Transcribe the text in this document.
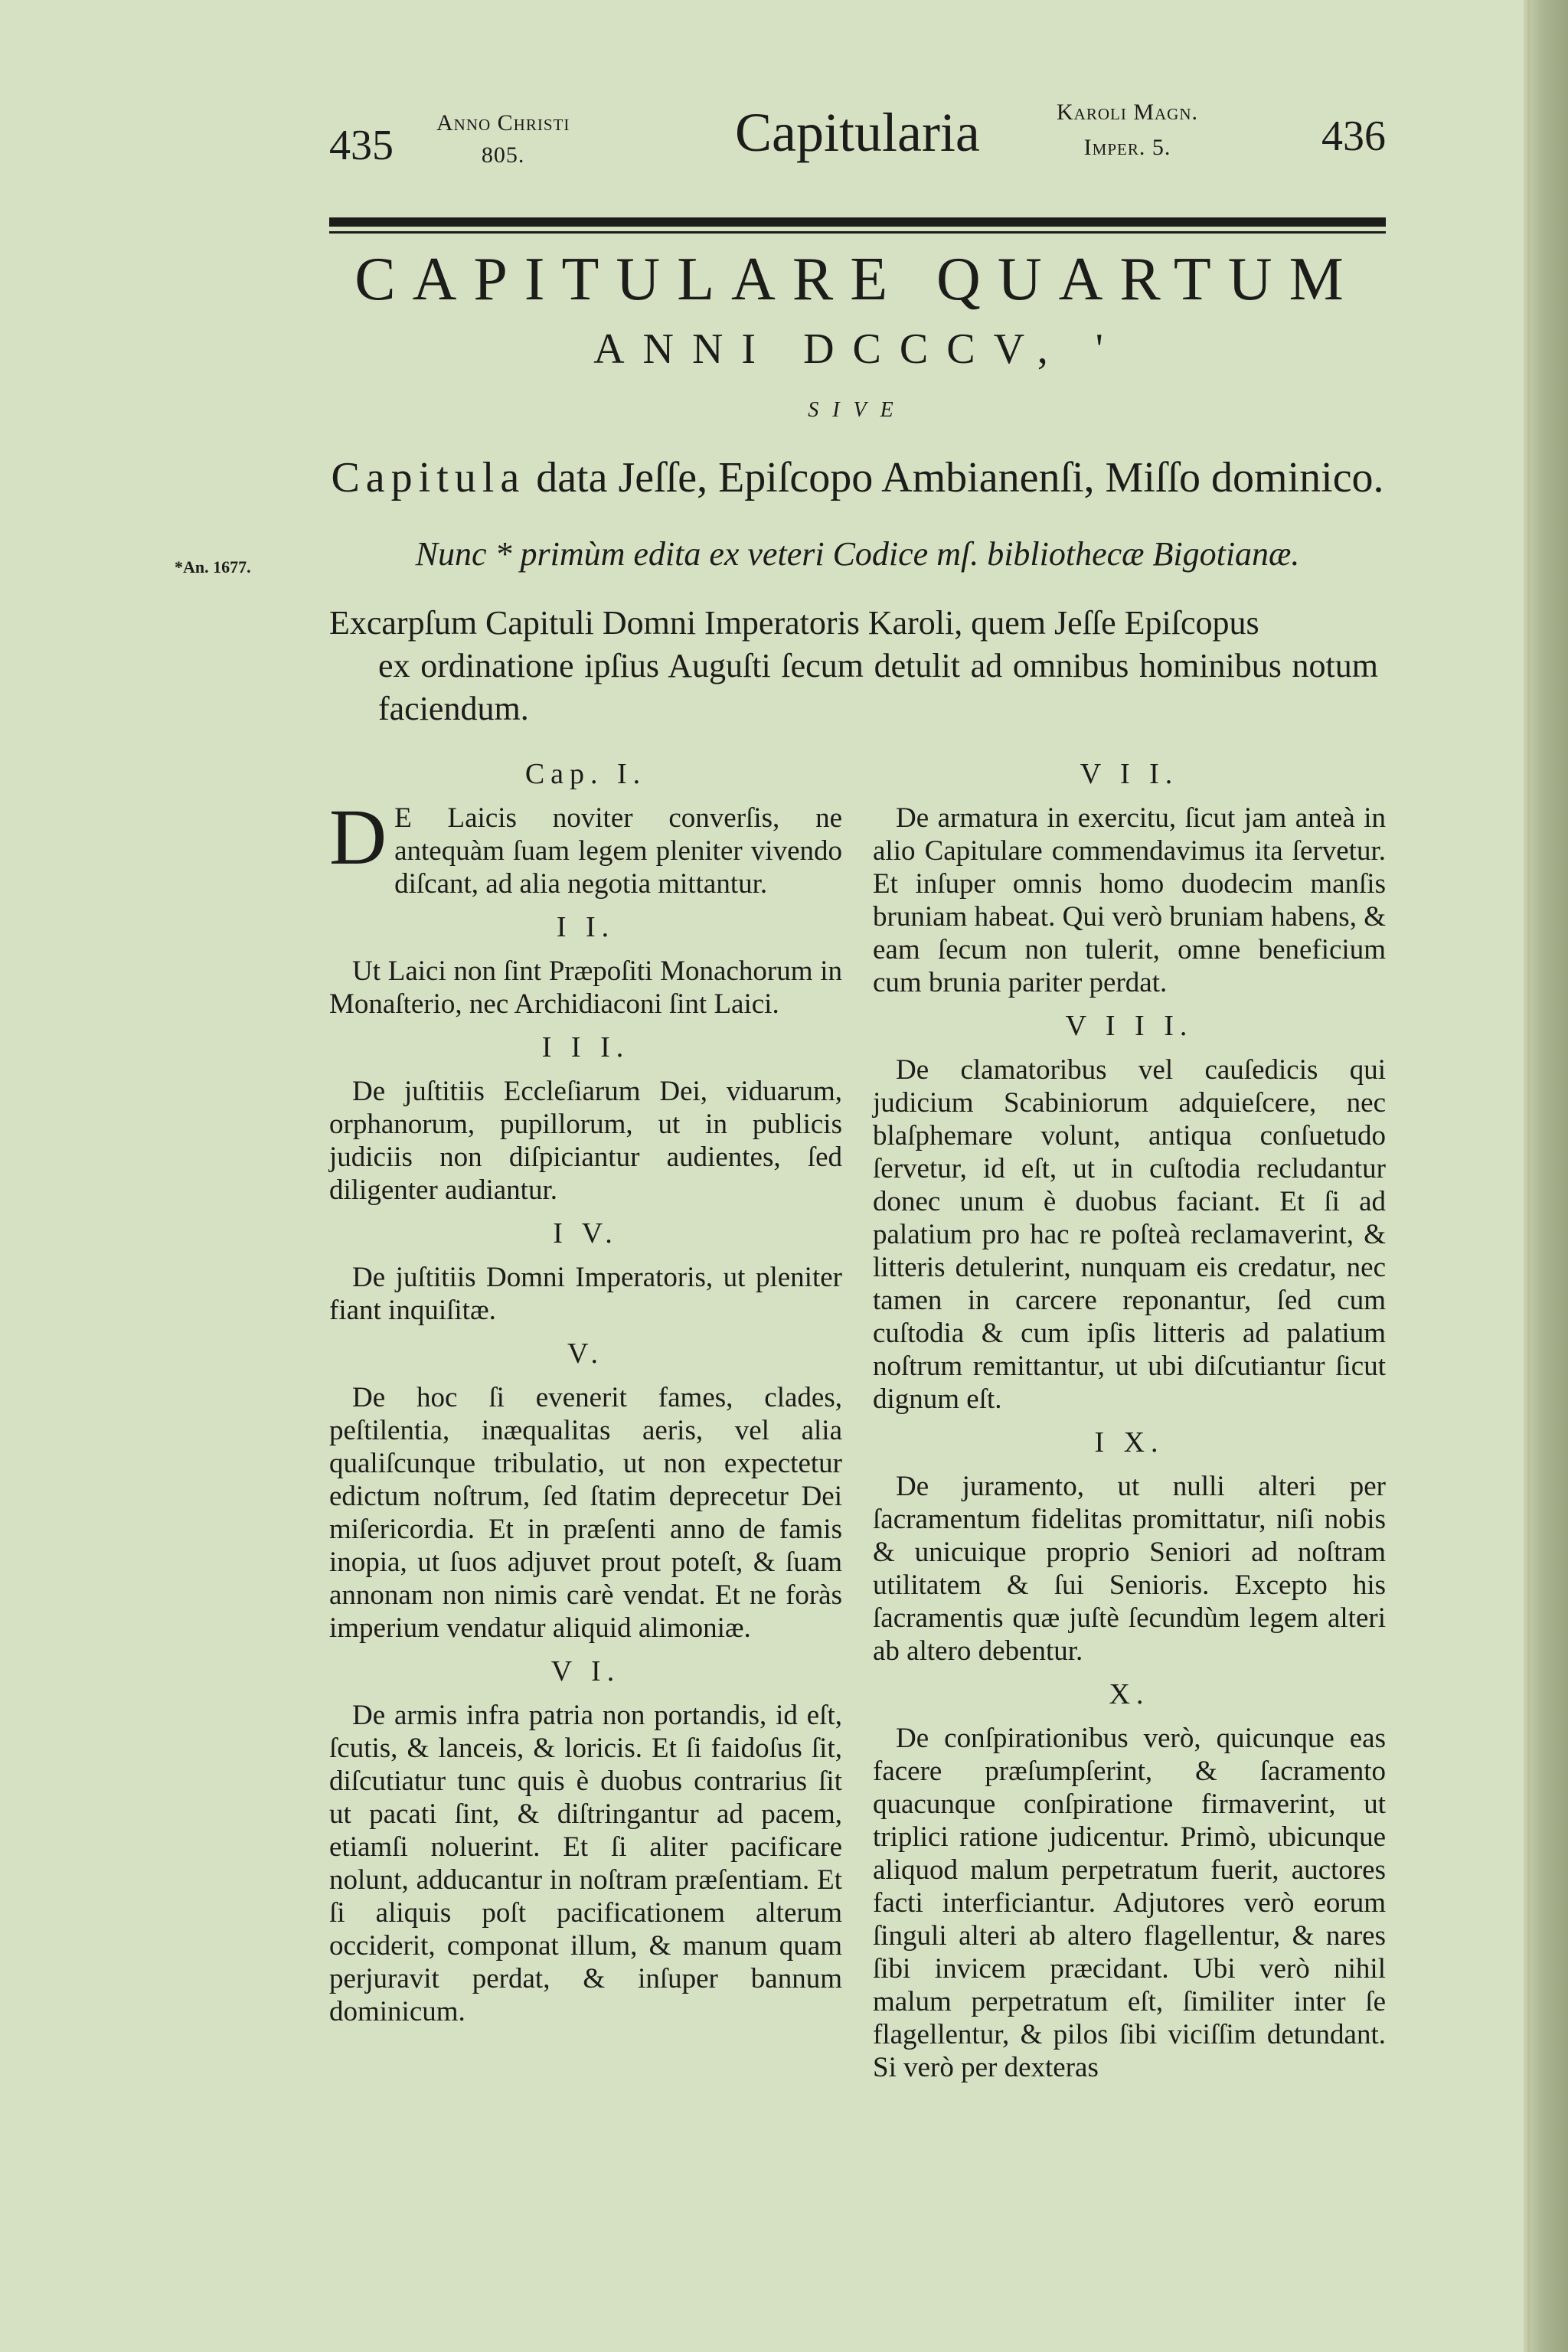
435 Anno Christi
805.	Capitularia	Karoli Magn.
Imper. 5.	436
CAPITULARE QUARTUM
ANNI DCCCV, '
SIVE
Capitula data Jeſſe, Epiſcopo Ambianenſi, Miſſo dominico.
*An. 1677.	Nunc * primùm edita ex veteri Codice mſ. bibliothecæ Bigotianæ.
Excarpſum Capituli Domni Imperatoris Karoli, quem Jeſſe Epiſcopus
ex ordinatione ipſius Auguſti ſecum detulit ad omnibus hominibus notum faciendum.
Cap. I.

D E Laicis noviter converſis, ne antequàm ſuam legem pleniter vivendo diſcant, ad alia negotia mittantur.

I I.

Ut Laici non ſint Præpoſiti Monachorum in Monaſterio, nec Archidiaconi ſint Laici.

I I I.

De juſtitiis Eccleſiarum Dei, viduarum, orphanorum, pupillorum, ut in publicis judiciis non diſpiciantur audientes, ſed diligenter audiantur.

I V.

De juſtitiis Domni Imperatoris, ut pleniter fiant inquiſitæ.

V.

De hoc ſi evenerit fames, clades, peſtilentia, inæqualitas aeris, vel alia qualiſcunque tribulatio, ut non expectetur edictum noſtrum, ſed ſtatim deprecetur Dei miſericordia. Et in præſenti anno de famis inopia, ut ſuos adjuvet prout poteſt, & ſuam annonam non nimis carè vendat. Et ne foràs imperium vendatur aliquid alimoniæ.

V I.

De armis infra patria non portandis, id eſt, ſcutis, & lanceis, & loricis. Et ſi faidoſus ſit, diſcutiatur tunc quis è duobus contrarius ſit ut pacati ſint, & diſtringantur ad pacem, etiamſi noluerint. Et ſi aliter pacificare nolunt, adducantur in noſtram præſentiam. Et ſi aliquis poſt pacificationem alterum occiderit, componat illum, & manum quam perjuravit perdat, & inſuper bannum dominicum.

V I I.

De armatura in exercitu, ſicut jam anteà in alio Capitulare commendavimus ita ſervetur. Et inſuper omnis homo duodecim manſis bruniam habeat. Qui verò bruniam habens, & eam ſecum non tulerit, omne beneficium cum brunia pariter perdat.

V I I I.

De clamatoribus vel cauſedicis qui judicium Scabiniorum adquieſcere, nec blaſphemare volunt, antiqua conſuetudo ſervetur, id eſt, ut in cuſtodia recludantur donec unum è duobus faciant. Et ſi ad palatium pro hac re poſteà reclamaverint, & litteris detulerint, nunquam eis credatur, nec tamen in carcere reponantur, ſed cum cuſtodia & cum ipſis litteris ad palatium noſtrum remittantur, ut ubi diſcutiantur ſicut dignum eſt.

I X.

De juramento, ut nulli alteri per ſacramentum fidelitas promittatur, niſi nobis & unicuique proprio Seniori ad noſtram utilitatem & ſui Senioris. Excepto his ſacramentis quæ juſtè ſecundùm legem alteri ab altero debentur.

X.

De conſpirationibus verò, quicunque eas facere præſumpſerint, & ſacramento quacunque conſpiratione firmaverint, ut triplici ratione judicentur. Primò, ubicunque aliquod malum perpetratum fuerit, auctores facti interficiantur. Adjutores verò eorum ſinguli alteri ab altero flagellentur, & nares ſibi invicem præcidant. Ubi verò nihil malum perpetratum eſt, ſimiliter inter ſe flagellentur, & pilos ſibi viciſſim detundant. Si verò per dexteras
